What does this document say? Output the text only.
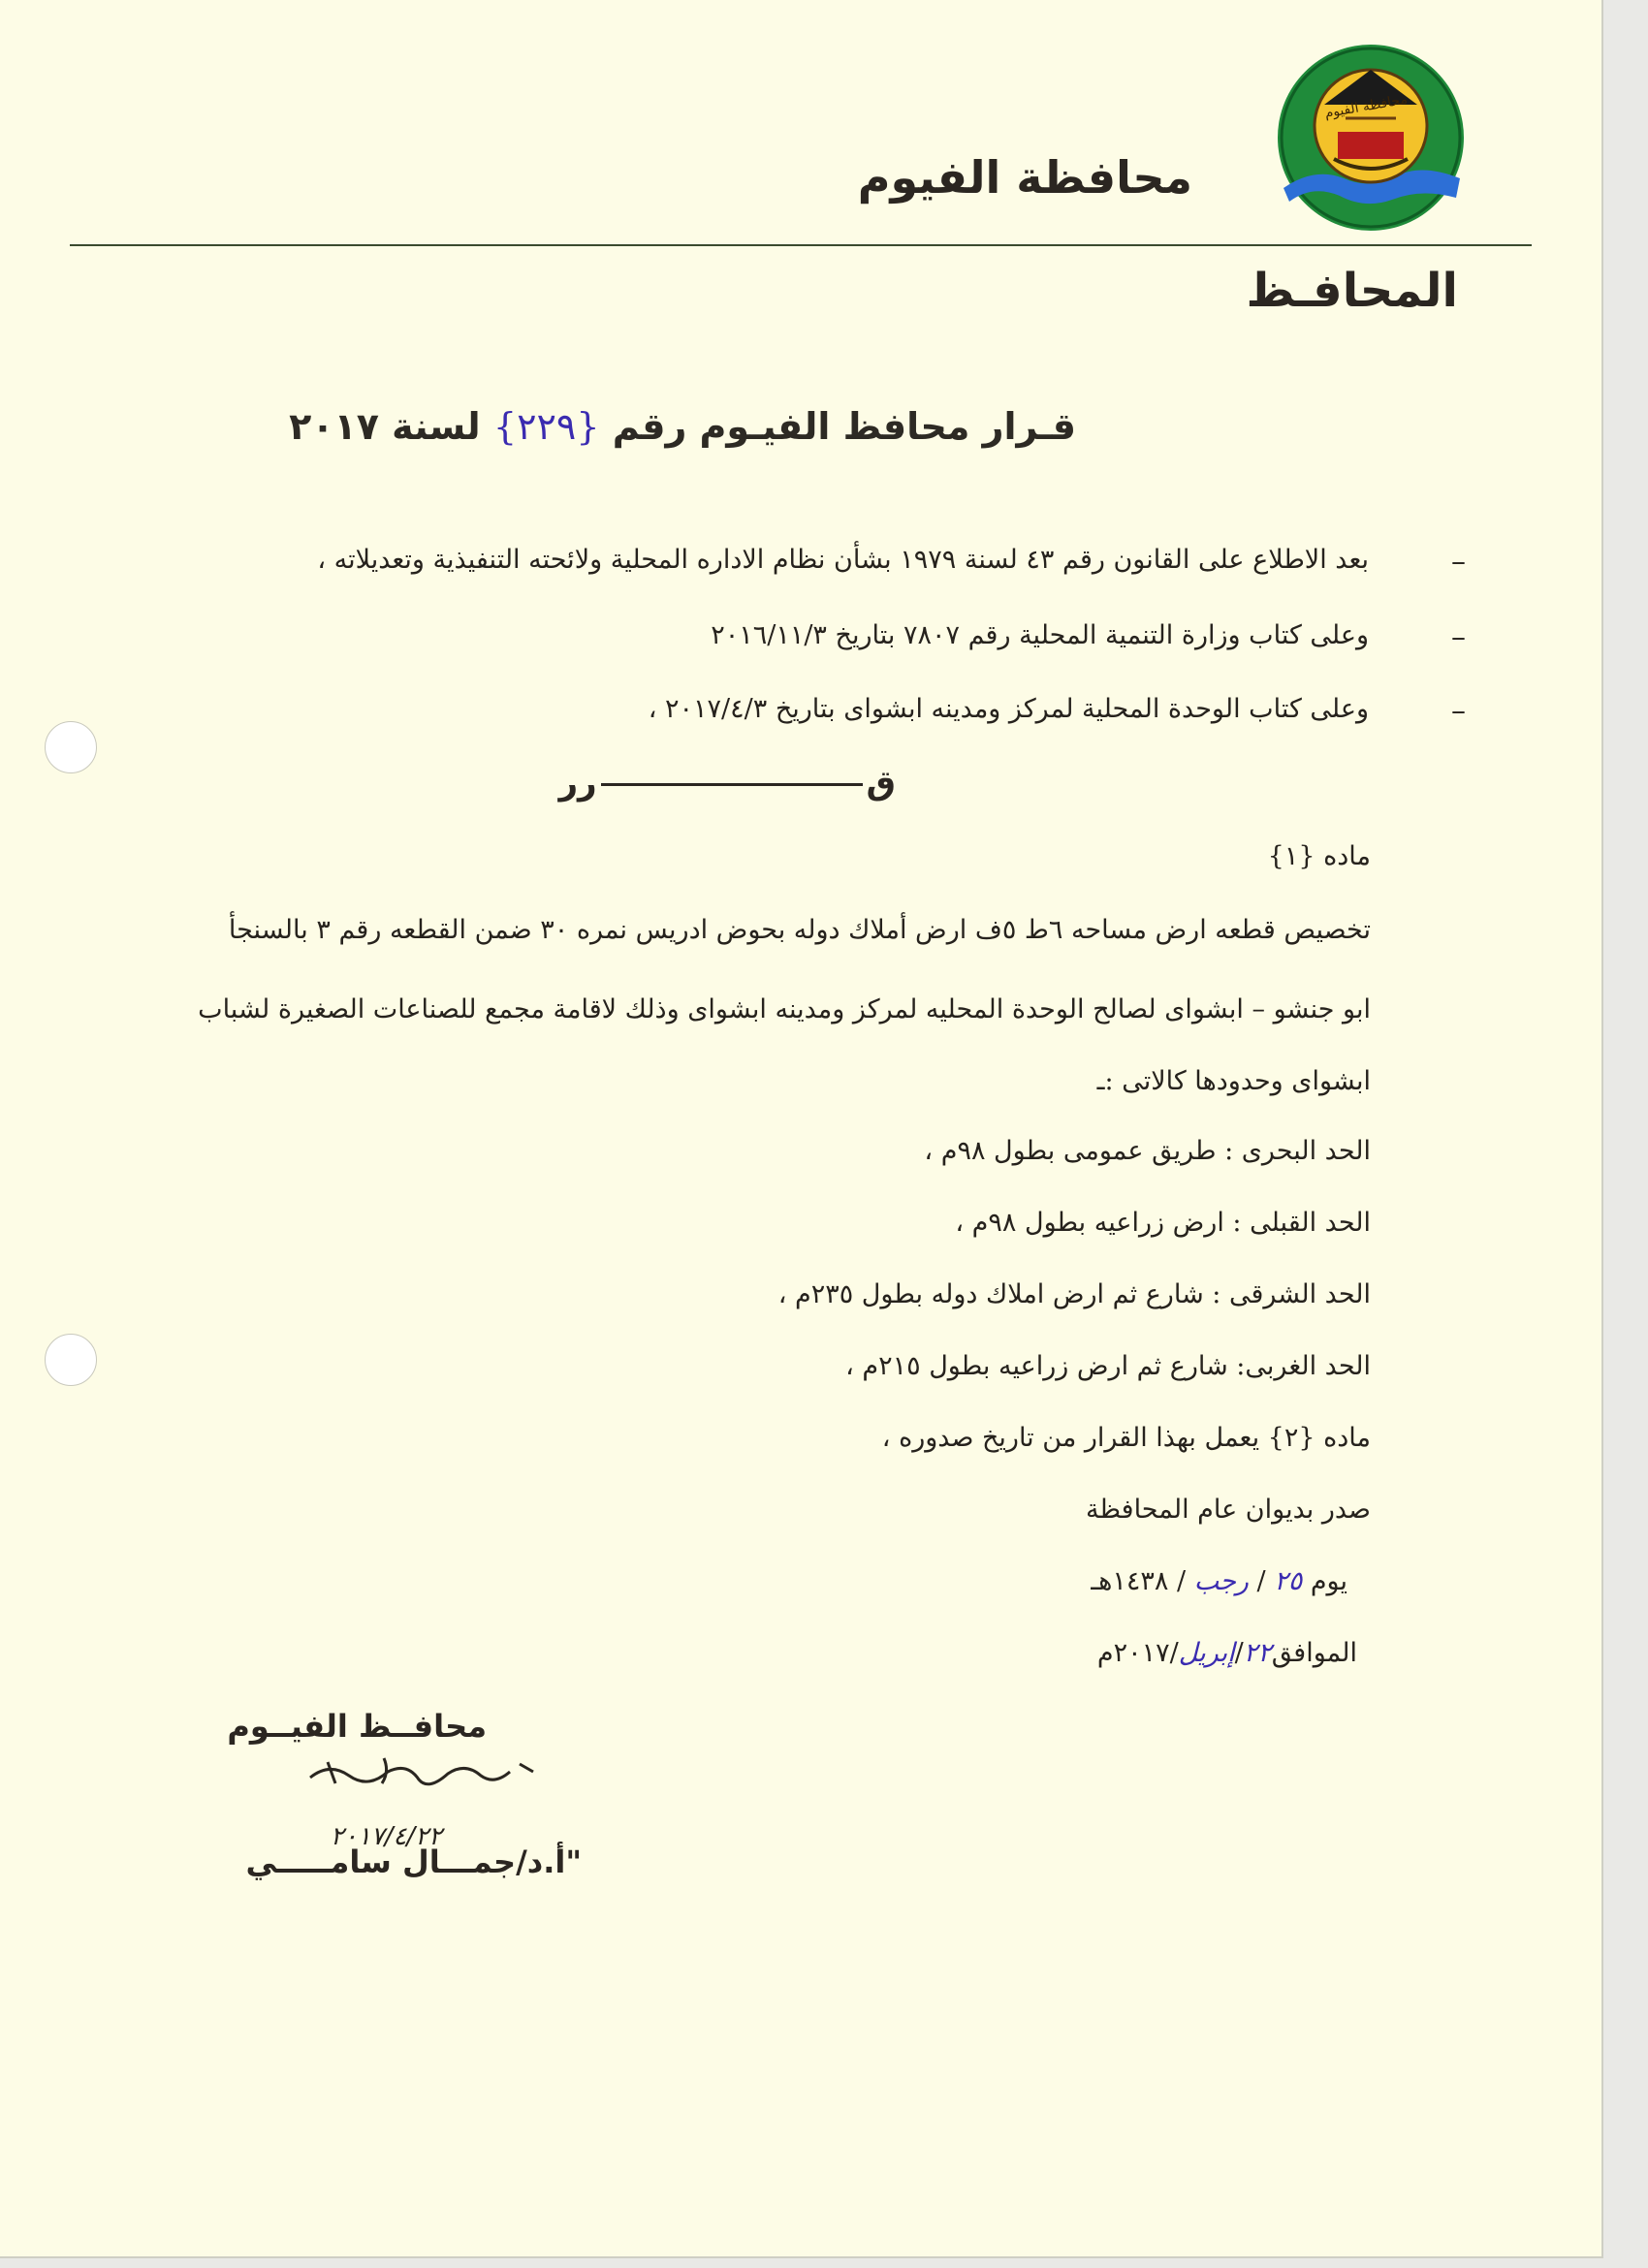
محافظة الفيوم
محافظة الفيوم
المحافـظ
قـرار محافظ الفيـوم رقم {٢٢٩} لسنة ٢٠١٧
–
بعد الاطلاع على القانون رقم ٤٣ لسنة ١٩٧٩ بشأن نظام الاداره المحلية ولائحته التنفيذية وتعديلاته ،
–
وعلى كتاب وزارة التنمية المحلية رقم ٧٨٠٧ بتاريخ ٢٠١٦/١١/٣
–
وعلى كتاب الوحدة المحلية لمركز ومدينه ابشواى بتاريخ ٢٠١٧/٤/٣ ،
قرر
ماده {١}
تخصيص قطعه ارض مساحه ٦ط ٥ف ارض أملاك دوله بحوض ادريس نمره ٣٠ ضمن القطعه رقم ٣ بالسنجأ
ابو جنشو – ابشواى لصالح الوحدة المحليه لمركز ومدينه ابشواى وذلك لاقامة مجمع للصناعات الصغيرة لشباب
ابشواى وحدودها كالاتى :ـ
الحد البحرى : طريق عمومى بطول ٩٨م ،
الحد القبلى : ارض زراعيه بطول ٩٨م ،
الحد الشرقى : شارع ثم ارض املاك دوله بطول ٢٣٥م ،
الحد الغربى: شارع ثم ارض زراعيه بطول ٢١٥م ،
ماده {٢} يعمل بهذا القرار من تاريخ صدوره ،
صدر بديوان عام المحافظة
يوم ٢٥ / رجب / ١٤٣٨هـ
الموافق٢٢/إبريل/٢٠١٧م
محافــظ الفيــوم
٢٠١٧/٤/٢٢
"أ.د/جمـــال سامـــــي
